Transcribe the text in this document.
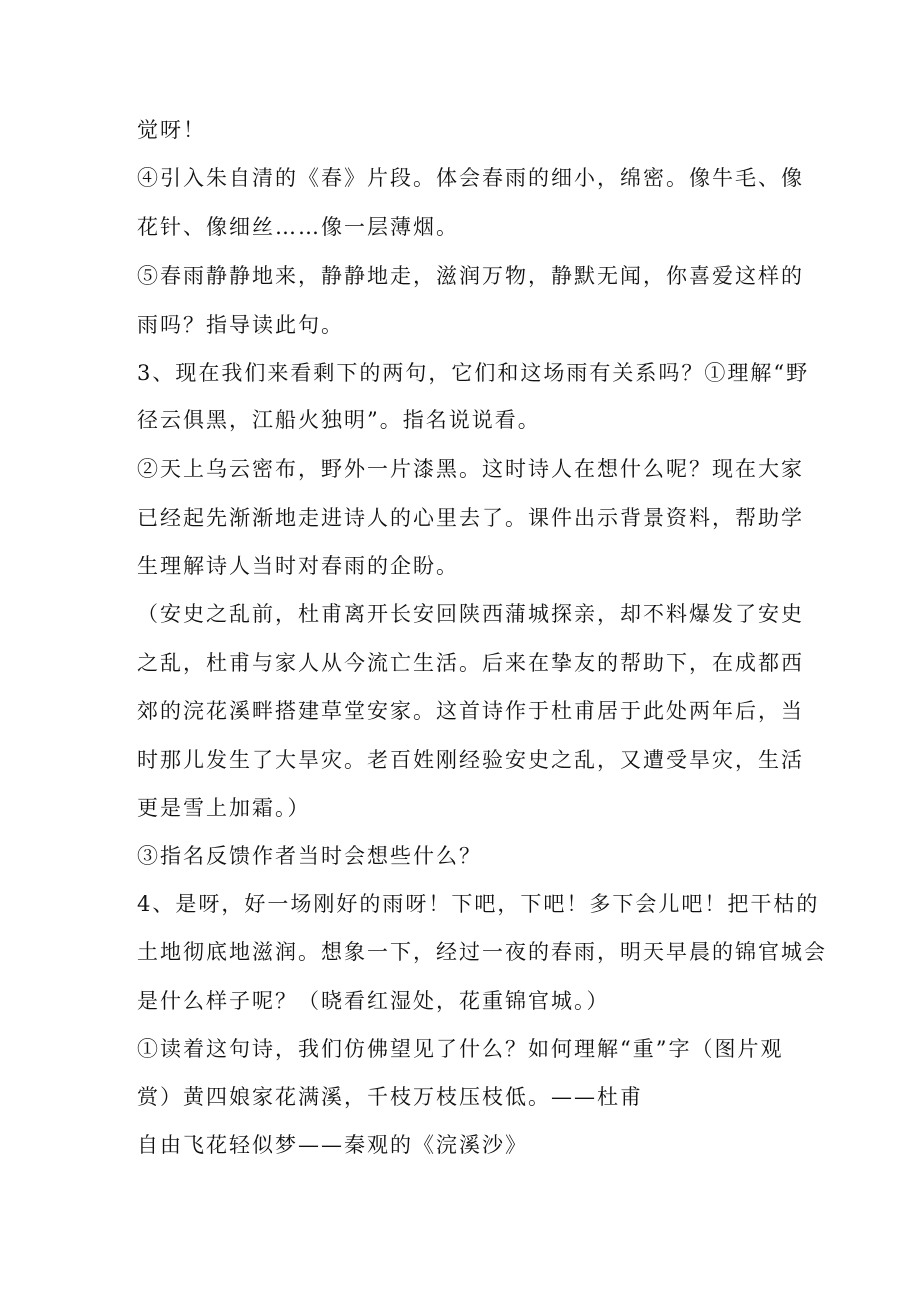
觉呀！
④引入朱自清的《春》片段。体会春雨的细小，绵密。像牛毛、像
花针、像细丝……像一层薄烟。
⑤春雨静静地来，静静地走，滋润万物，静默无闻，你喜爱这样的
雨吗？指导读此句。
3、现在我们来看剩下的两句，它们和这场雨有关系吗？①理解“野
径云俱黑，江船火独明”。指名说说看。
②天上乌云密布，野外一片漆黑。这时诗人在想什么呢？现在大家
已经起先渐渐地走进诗人的心里去了。课件出示背景资料，帮助学
生理解诗人当时对春雨的企盼。
（安史之乱前，杜甫离开长安回陕西蒲城探亲，却不料爆发了安史
之乱，杜甫与家人从今流亡生活。后来在挚友的帮助下，在成都西
郊的浣花溪畔搭建草堂安家。这首诗作于杜甫居于此处两年后，当
时那儿发生了大旱灾。老百姓刚经验安史之乱，又遭受旱灾，生活
更是雪上加霜。）
③指名反馈作者当时会想些什么？
4、是呀，好一场刚好的雨呀！下吧，下吧！多下会儿吧！把干枯的
土地彻底地滋润。想象一下，经过一夜的春雨，明天早晨的锦官城会
是什么样子呢？（晓看红湿处，花重锦官城。）
①读着这句诗，我们仿佛望见了什么？如何理解“重”字（图片观
赏）黄四娘家花满溪，千枝万枝压枝低。——杜甫
自由飞花轻似梦——秦观的《浣溪沙》
